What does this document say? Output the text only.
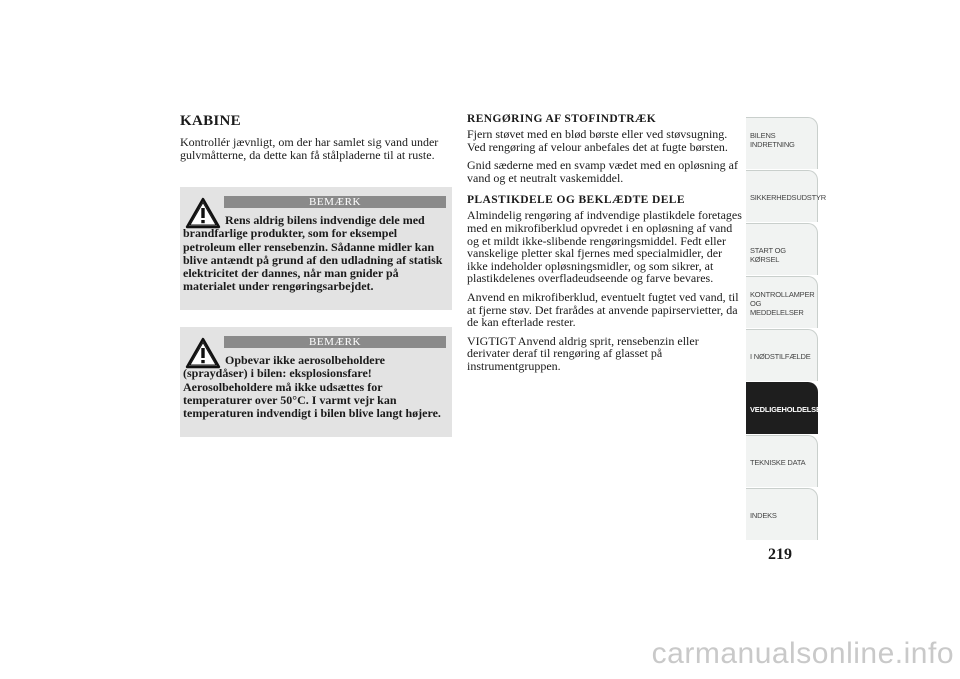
KABINE

Kontrollér jævnligt, om der har samlet sig vand under gulvmåtterne, da dette kan få stålpladerne til at ruste.

BEMÆRK
Rens aldrig bilens indvendige dele med brandfarlige produkter, som for eksempel petroleum eller rensebenzin. Sådanne midler kan blive antændt på grund af den udladning af statisk elektricitet der dannes, når man gnider på materialet under rengøringsarbejdet.
BEMÆRK
Opbevar ikke aerosolbeholdere (spraydåser) i bilen: eksplosionsfare! Aerosolbeholdere må ikke udsættes for temperaturer over 50°C. I varmt vejr kan temperaturen indvendigt i bilen blive langt højere.
RENGØRING AF STOFINDTRÆK

Fjern støvet med en blød børste eller ved støvsugning. Ved rengøring af velour anbefales det at fugte børsten.

Gnid sæderne med en svamp vædet med en opløsning af vand og et neutralt vaskemiddel.

PLASTIKDELE OG BEKLÆDTE DELE

Almindelig rengøring af indvendige plastikdele foretages med en mikrofiberklud opvredet i en opløsning af vand og et mildt ikke-slibende rengøringsmiddel. Fedt eller vanskelige pletter skal fjernes med specialmidler, der ikke indeholder opløsningsmidler, og som sikrer, at plastikdelenes overfladeudseende og farve bevares.

Anvend en mikrofiberklud, eventuelt fugtet ved vand, til at fjerne støv. Det frarådes at anvende papirservietter, da de kan efterlade rester.

VIGTIGT Anvend aldrig sprit, rensebenzin eller derivater deraf til rengøring af glasset på instrumentgruppen.

BILENS INDRETNING
SIKKERHEDSUDSTYR
START OG KØRSEL
KONTROLLAMPER OG MEDDELELSER
I NØDSTILFÆLDE
VEDLIGEHOLDELSE
TEKNISKE DATA
INDEKS
219
carmanualsonline.info
